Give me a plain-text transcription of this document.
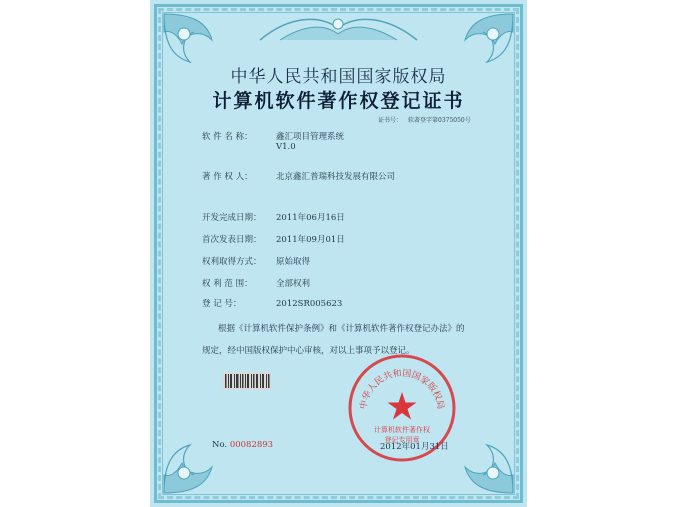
中华人民共和国国家版权局
计算机软件著作权登记证书
证书号： 软著登字第0375050号
软 件 名 称：	鑫汇项目管理系统
V1.0
著 作 权 人：	北京鑫汇普瑞科技发展有限公司
开发完成日期： 2011年06月16日
首次发表日期： 2011年09月01日
权利取得方式： 原始取得
权 利 范 围：	全部权利
登 记 号：	2012SR005623
根据《计算机软件保护条例》和《计算机软件著作权登记办法》的
规定，经中国版权保护中心审核，对以上事项予以登记。
中华人民共和国国家版权局
计算机软件著作权
登记专用章
No. 00082893	2012年01月31日
